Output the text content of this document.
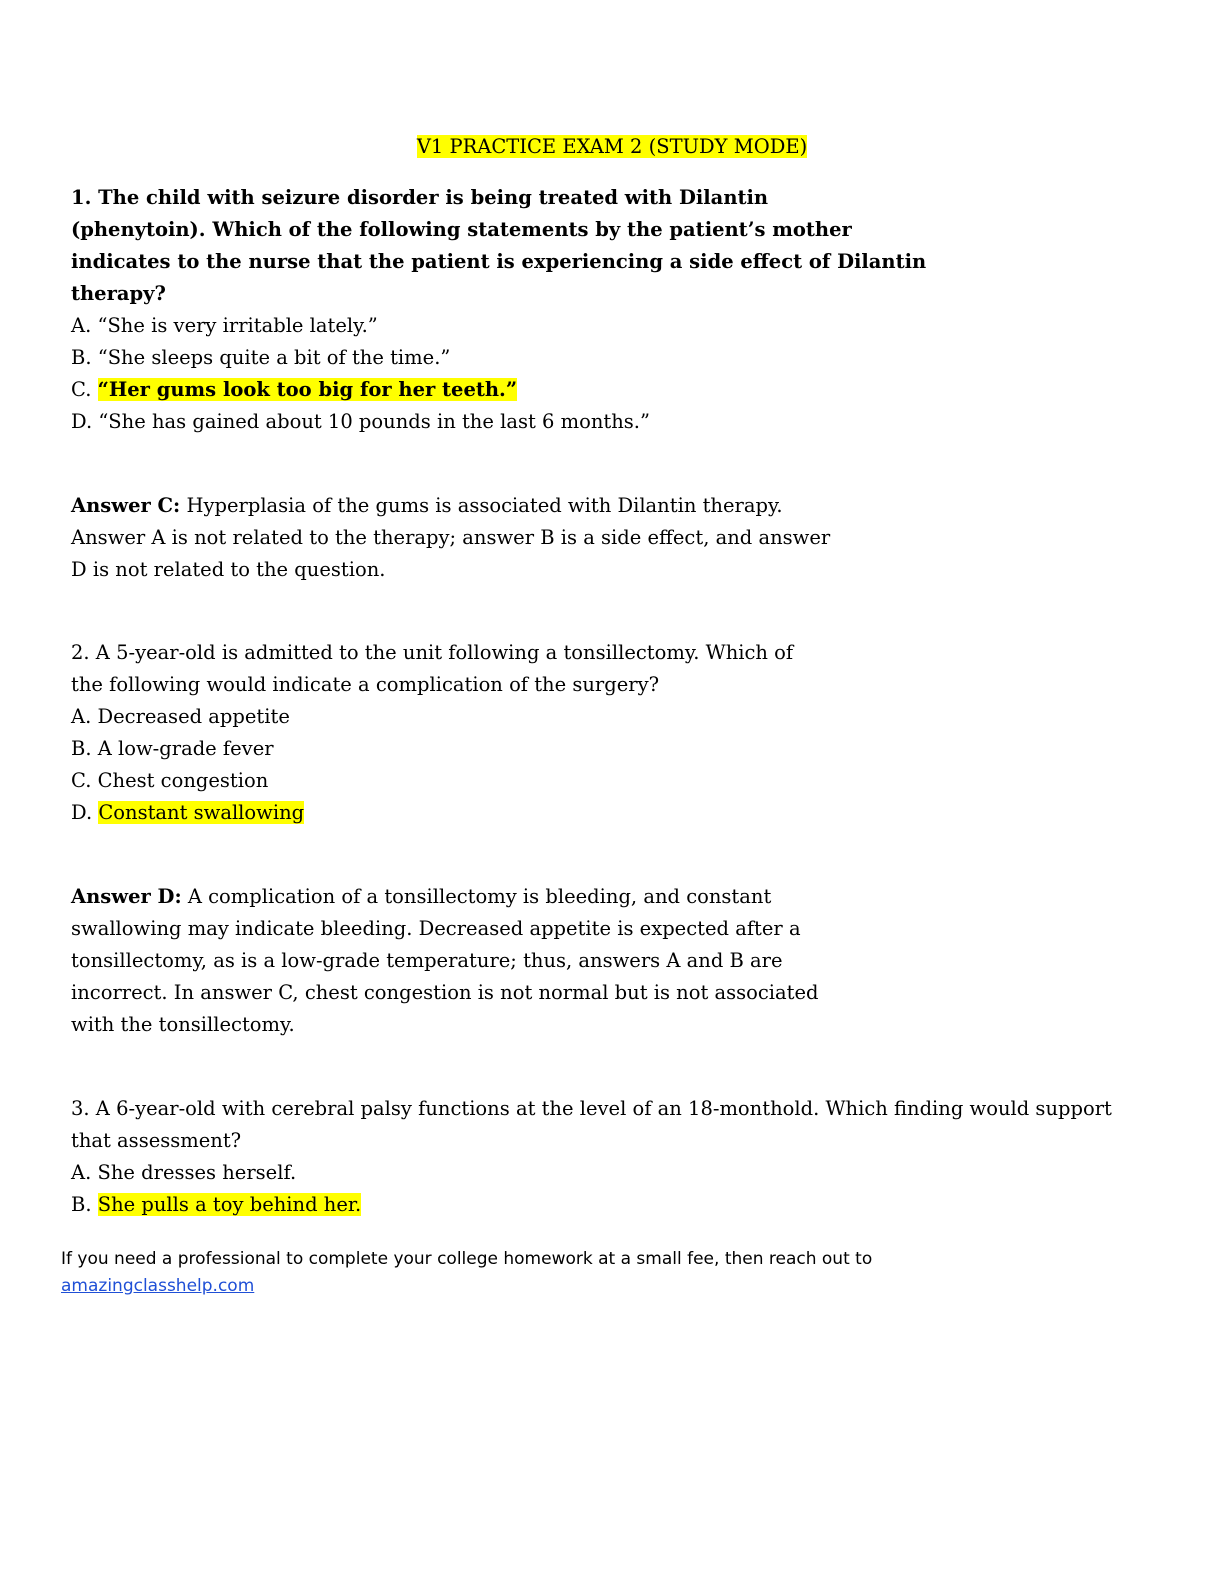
V1 PRACTICE EXAM 2 (STUDY MODE)
1. The child with seizure disorder is being treated with Dilantin
(phenytoin). Which of the following statements by the patient’s mother
indicates to the nurse that the patient is experiencing a side effect of Dilantin
therapy?
A. “She is very irritable lately.”
B. “She sleeps quite a bit of the time.”
C. “Her gums look too big for her teeth.”
D. “She has gained about 10 pounds in the last 6 months.”
Answer C: Hyperplasia of the gums is associated with Dilantin therapy.
Answer A is not related to the therapy; answer B is a side effect, and answer
D is not related to the question.
2. A 5-year-old is admitted to the unit following a tonsillectomy. Which of
the following would indicate a complication of the surgery?
A. Decreased appetite
B. A low-grade fever
C. Chest congestion
D. Constant swallowing
Answer D: A complication of a tonsillectomy is bleeding, and constant
swallowing may indicate bleeding. Decreased appetite is expected after a
tonsillectomy, as is a low-grade temperature; thus, answers A and B are
incorrect. In answer C, chest congestion is not normal but is not associated
with the tonsillectomy.
3. A 6-year-old with cerebral palsy functions at the level of an 18-monthold. Which finding would support
that assessment?
A. She dresses herself.
B. She pulls a toy behind her.
If you need a professional to complete your college homework at a small fee, then reach out to
amazingclasshelp.com
